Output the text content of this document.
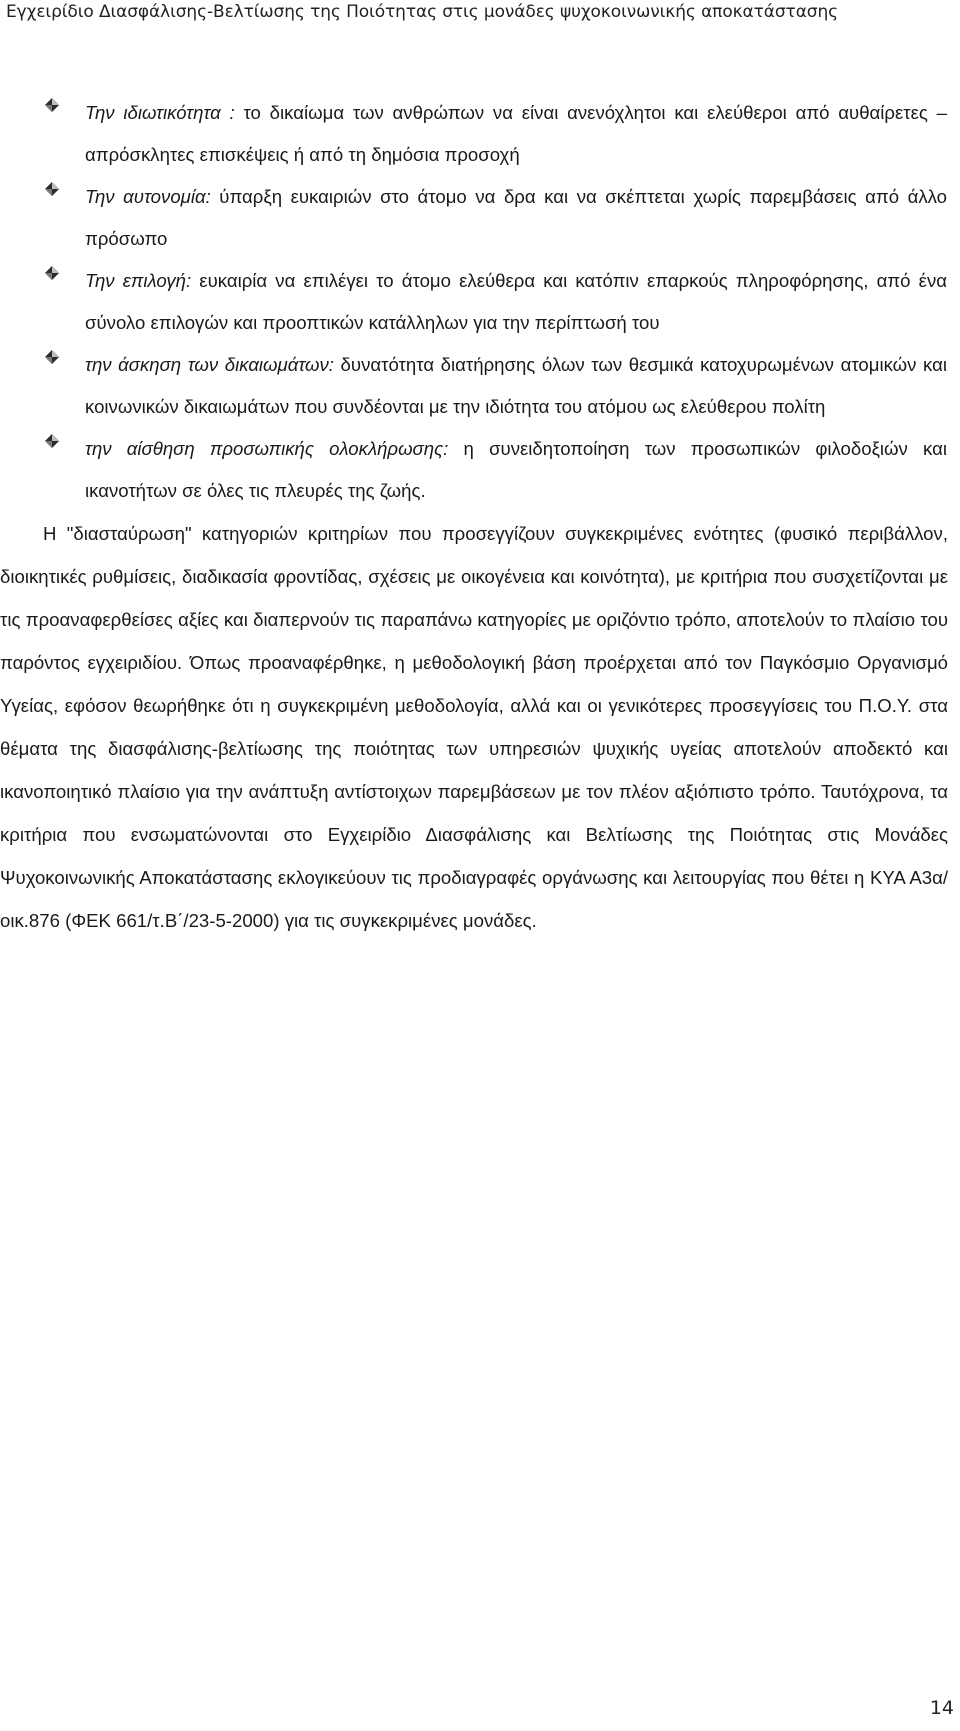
Εγχειρίδιο Διασφάλισης-Βελτίωσης της Ποιότητας στις μονάδες ψυχοκοινωνικής αποκατάστασης
Την ιδιωτικότητα : το δικαίωμα των ανθρώπων να είναι ανενόχλητοι και ελεύθεροι από αυθαίρετες – απρόσκλητες επισκέψεις ή από τη δημόσια προσοχή
Την αυτονομία: ύπαρξη ευκαιριών στο άτομο να δρα και να σκέπτεται χωρίς παρεμβάσεις από άλλο πρόσωπο
Την επιλογή: ευκαιρία να επιλέγει το άτομο ελεύθερα και κατόπιν επαρκούς πληροφόρησης, από ένα σύνολο επιλογών και προοπτικών κατάλληλων για την περίπτωσή του
την άσκηση των δικαιωμάτων: δυνατότητα διατήρησης όλων των θεσμικά κατοχυρωμένων ατομικών και κοινωνικών δικαιωμάτων που συνδέονται με την ιδιότητα του ατόμου ως ελεύθερου πολίτη
την αίσθηση προσωπικής ολοκλήρωσης: η συνειδητοποίηση των προσωπικών φιλοδοξιών και ικανοτήτων σε όλες τις πλευρές της ζωής.

Η "διασταύρωση" κατηγοριών κριτηρίων που προσεγγίζουν συγκεκριμένες ενότητες (φυσικό περιβάλλον, διοικητικές ρυθμίσεις, διαδικασία φροντίδας, σχέσεις με οικογένεια και κοινότητα), με κριτήρια που συσχετίζονται με τις προαναφερθείσες αξίες και διαπερνούν τις παραπάνω κατηγορίες με οριζόντιο τρόπο, αποτελούν το πλαίσιο του παρόντος εγχειριδίου. Όπως προαναφέρθηκε, η μεθοδολογική βάση προέρχεται από τον Παγκόσμιο Οργανισμό Υγείας, εφόσον θεωρήθηκε ότι η συγκεκριμένη μεθοδολογία, αλλά και οι γενικότερες προσεγγίσεις του Π.Ο.Υ. στα θέματα της διασφάλισης-βελτίωσης της ποιότητας των υπηρεσιών ψυχικής υγείας αποτελούν αποδεκτό και ικανοποιητικό πλαίσιο για την ανάπτυξη αντίστοιχων παρεμβάσεων με τον πλέον αξιόπιστο τρόπο. Ταυτόχρονα, τα κριτήρια που ενσωματώνονται στο Εγχειρίδιο Διασφάλισης και Βελτίωσης της Ποιότητας στις Μονάδες Ψυχοκοινωνικής Αποκατάστασης εκλογικεύουν τις προδιαγραφές οργάνωσης και λειτουργίας που θέτει η ΚΥΑ Α3α/οικ.876 (ΦΕΚ 661/τ.Β΄/23-5-2000) για τις συγκεκριμένες μονάδες.

14
